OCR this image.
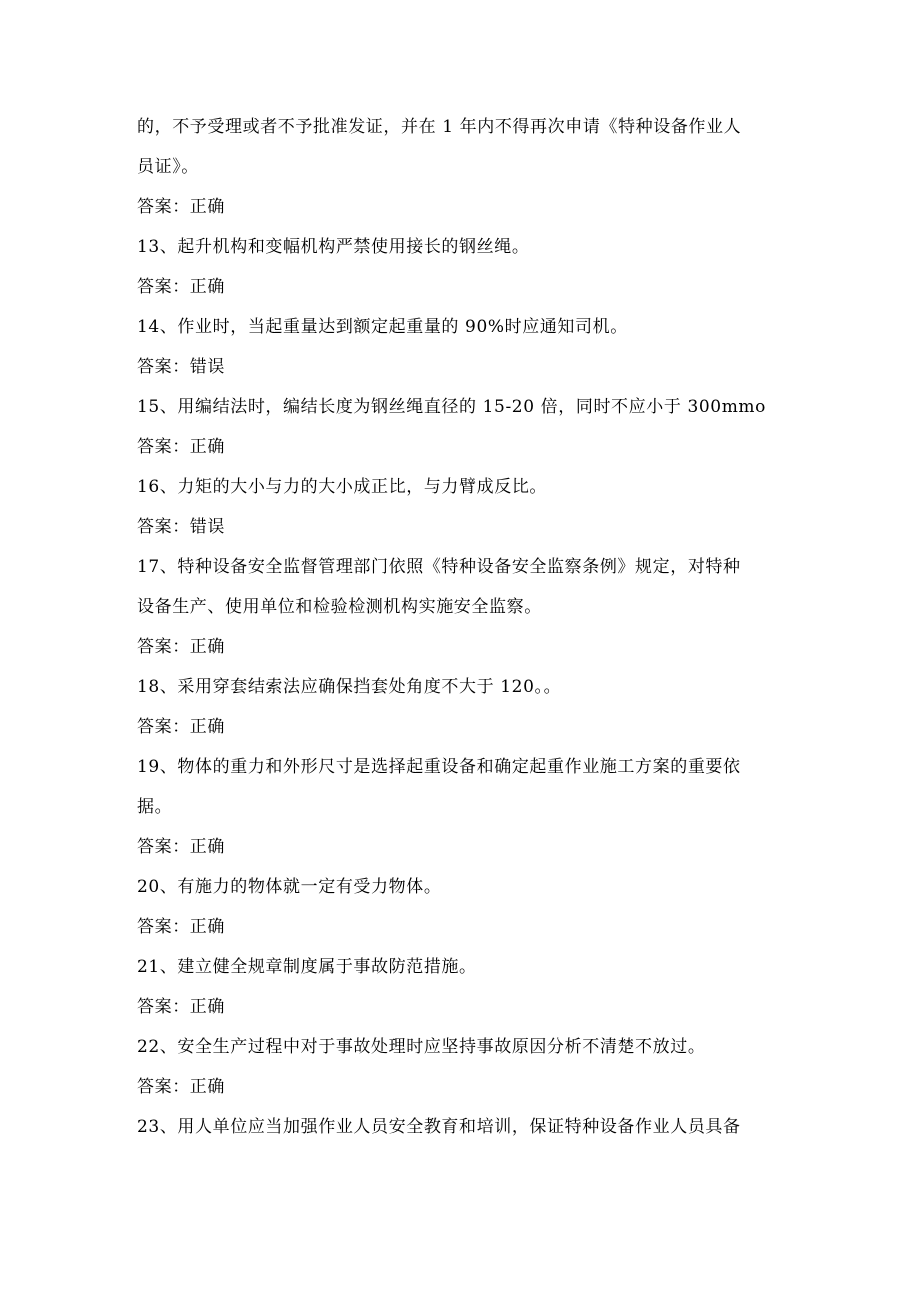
的，不予受理或者不予批准发证，并在 1 年内不得再次申请《特种设备作业人
员证》。
答案：正确
13、起升机构和变幅机构严禁使用接长的钢丝绳。
答案：正确
14、作业时，当起重量达到额定起重量的 90%时应通知司机。
答案：错误
15、用编结法时，编结长度为钢丝绳直径的 15-20 倍，同时不应小于 300mmo
答案：正确
16、力矩的大小与力的大小成正比，与力臂成反比。
答案：错误
17、特种设备安全监督管理部门依照《特种设备安全监察条例》规定，对特种
设备生产、使用单位和检验检测机构实施安全监察。
答案：正确
18、采用穿套结索法应确保挡套处角度不大于 120。。
答案：正确
19、物体的重力和外形尺寸是选择起重设备和确定起重作业施工方案的重要依
据。
答案：正确
20、有施力的物体就一定有受力物体。
答案：正确
21、建立健全规章制度属于事故防范措施。
答案：正确
22、安全生产过程中对于事故处理时应坚持事故原因分析不清楚不放过。
答案：正确
23、用人单位应当加强作业人员安全教育和培训，保证特种设备作业人员具备
